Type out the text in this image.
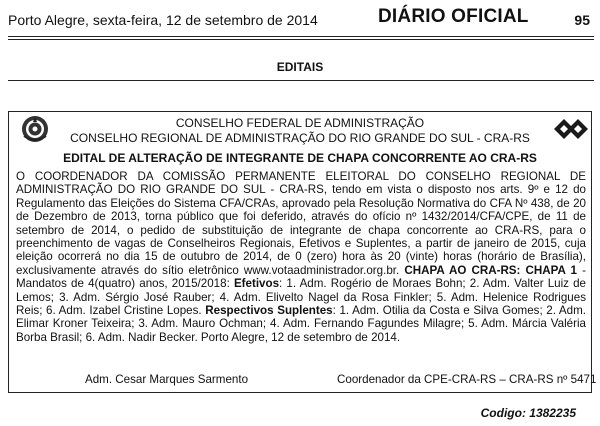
Porto Alegre, sexta-feira, 12 de setembro de 2014	DIÁRIO OFICIAL	95
EDITAIS
CONSELHO FEDERAL DE ADMINISTRAÇÃO
CONSELHO REGIONAL DE ADMINISTRAÇÃO DO RIO GRANDE DO SUL - CRA-RS
EDITAL DE ALTERAÇÃO DE INTEGRANTE DE CHAPA CONCORRENTE AO CRA-RS
O COORDENADOR DA COMISSÃO PERMANENTE ELEITORAL DO CONSELHO REGIONAL DE ADMINISTRAÇÃO DO RIO GRANDE DO SUL - CRA-RS, tendo em vista o disposto nos arts. 9º e 12 do Regulamento das Eleições do Sistema CFA/CRAs, aprovado pela Resolução Normativa do CFA Nº 438, de 20 de Dezembro de 2013, torna público que foi deferido, através do ofício nº 1432/2014/CFA/CPE, de 11 de setembro de 2014, o pedido de substituição de integrante de chapa concorrente ao CRA-RS, para o preenchimento de vagas de Conselheiros Regionais, Efetivos e Suplentes, a partir de janeiro de 2015, cuja eleição ocorrerá no dia 15 de outubro de 2014, de 0 (zero) hora às 20 (vinte) horas (horário de Brasília), exclusivamente através do sítio eletrônico www.votaadministrador.org.br. CHAPA AO CRA-RS: CHAPA 1 - Mandatos de 4(quatro) anos, 2015/2018: Efetivos: 1. Adm. Rogério de Moraes Bohn; 2. Adm. Valter Luiz de Lemos; 3. Adm. Sérgio José Rauber; 4. Adm. Elivelto Nagel da Rosa Finkler; 5. Adm. Helenice Rodrigues Reis; 6. Adm. Izabel Cristine Lopes. Respectivos Suplentes: 1. Adm. Otilia da Costa e Silva Gomes; 2. Adm. Elimar Kroner Teixeira; 3. Adm. Mauro Ochman; 4. Adm. Fernando Fagundes Milagre; 5. Adm. Márcia Valéria Borba Brasil; 6. Adm. Nadir Becker. Porto Alegre, 12 de setembro de 2014.
Adm. Cesar Marques Sarmento	Coordenador da CPE-CRA-RS – CRA-RS nº 5471
Codigo: 1382235
